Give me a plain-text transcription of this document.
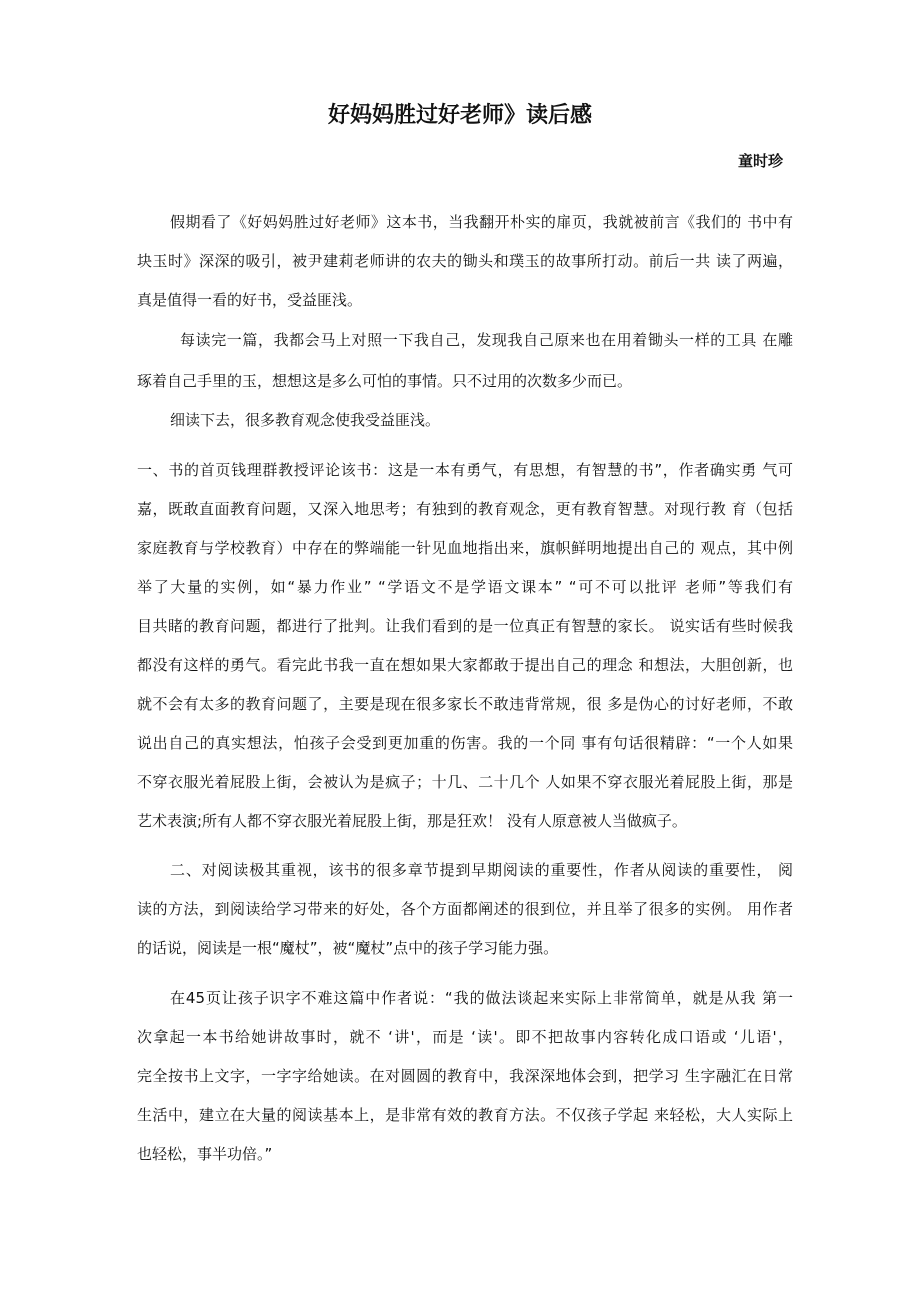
好妈妈胜过好老师》读后感
童时珍
假期看了《好妈妈胜过好老师》这本书，当我翻开朴实的扉页，我就被前言《我们的 书中有
块玉时》深深的吸引，被尹建莉老师讲的农夫的锄头和璞玉的故事所打动。前后一共 读了两遍，
真是值得一看的好书，受益匪浅。
每读完一篇，我都会马上对照一下我自己，发现我自己原来也在用着锄头一样的工具 在雕
琢着自己手里的玉，想想这是多么可怕的事情。只不过用的次数多少而已。
细读下去，很多教育观念使我受益匪浅。
一、书的首页钱理群教授评论该书：这是一本有勇气，有思想，有智慧的书”，作者确实勇 气可
嘉，既敢直面教育问题，又深入地思考；有独到的教育观念，更有教育智慧。对现行教 育（包括
家庭教育与学校教育）中存在的弊端能一针见血地指出来，旗帜鲜明地提出自己的 观点，其中例
举了大量的实例，如“暴力作业” “学语文不是学语文课本” “可不可以批评 老师”等我们有
目共睹的教育问题，都进行了批判。让我们看到的是一位真正有智慧的家长。 说实话有些时候我
都没有这样的勇气。看完此书我一直在想如果大家都敢于提出自己的理念 和想法，大胆创新，也
就不会有太多的教育问题了，主要是现在很多家长不敢违背常规，很 多是伪心的讨好老师，不敢
说出自己的真实想法，怕孩子会受到更加重的伤害。我的一个同 事有句话很精辟：“一个人如果
不穿衣服光着屁股上街，会被认为是疯子；十几、二十几个 人如果不穿衣服光着屁股上街，那是
艺术表演;所有人都不穿衣服光着屁股上街，那是狂欢！ 没有人原意被人当做疯子。
二、对阅读极其重视，该书的很多章节提到早期阅读的重要性，作者从阅读的重要性， 阅
读的方法，到阅读给学习带来的好处，各个方面都阐述的很到位，并且举了很多的实例。 用作者
的话说，阅读是一根“魔杖”，被“魔杖”点中的孩子学习能力强。
在45页让孩子识字不难这篇中作者说：“我的做法谈起来实际上非常简单，就是从我 第一
次拿起一本书给她讲故事时，就不 ‘讲'，而是 ‘读'。即不把故事内容转化成口语或 ‘儿语'，
完全按书上文字，一字字给她读。在对圆圆的教育中，我深深地体会到，把学习 生字融汇在日常
生活中，建立在大量的阅读基本上，是非常有效的教育方法。不仅孩子学起 来轻松，大人实际上
也轻松，事半功倍。”
